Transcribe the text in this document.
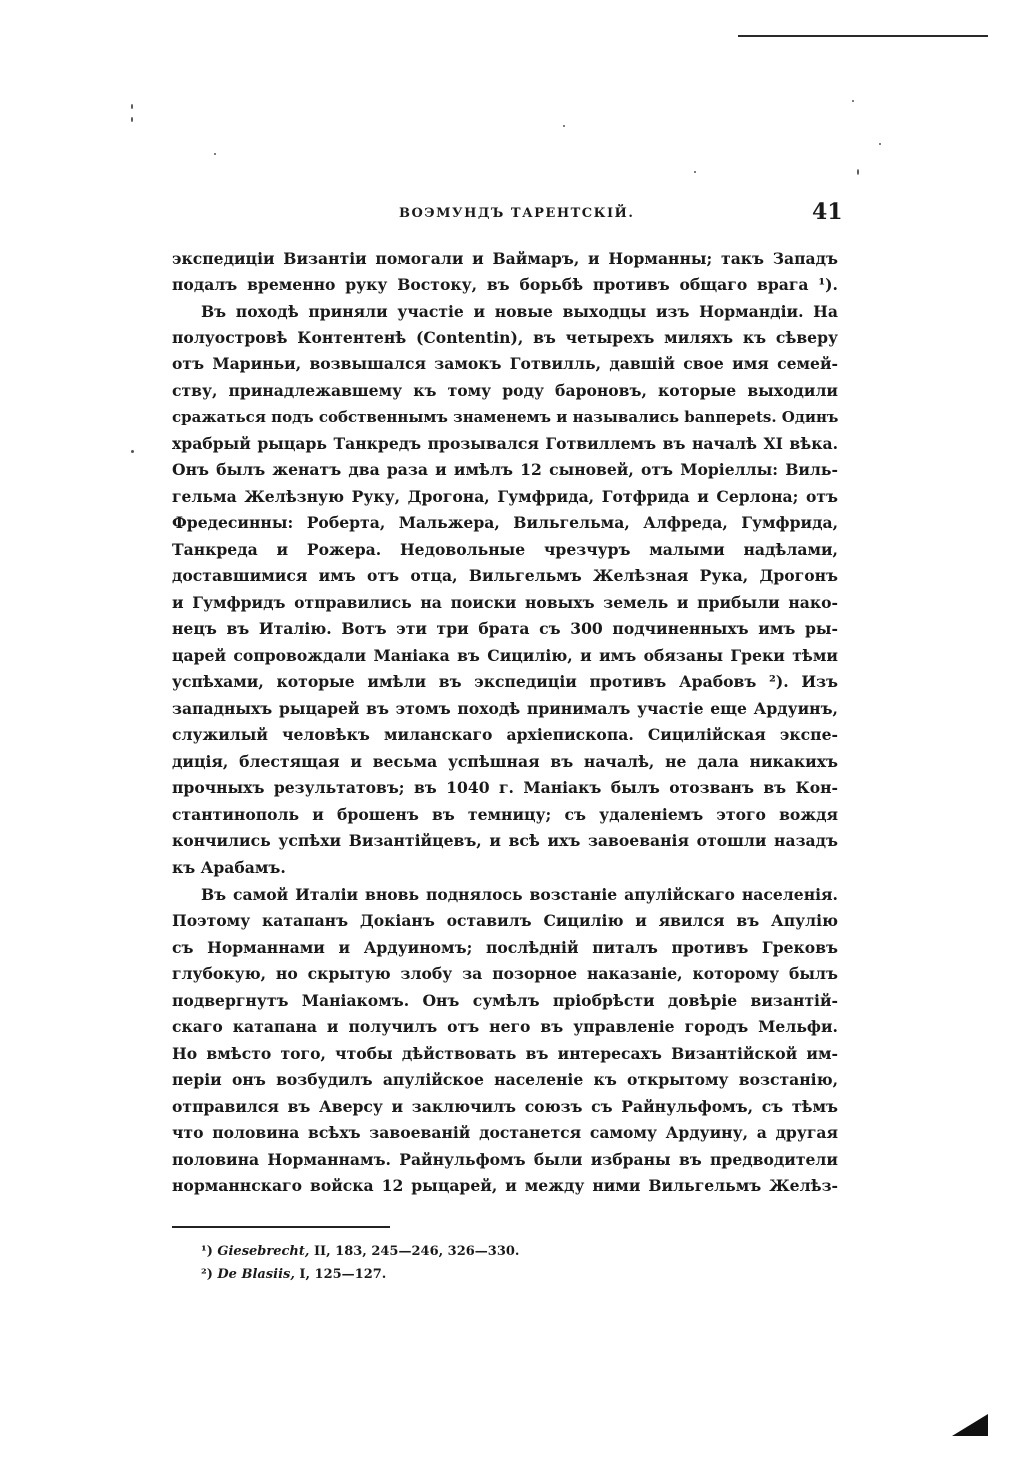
ВОЭМУНДЪ ТАРЕНТСКІЙ.	41
экспедиціи Византіи помогали и Ваймаръ, и Норманны; такъ Западъ
подалъ временно руку Востоку, въ борьбѣ противъ общаго врага ¹).
Въ походѣ приняли участіе и новые выходцы изъ Нормандіи. На
полуостровѣ Контентенѣ (Contentin), въ четырехъ миляхъ къ сѣверу
отъ Мариньи, возвышался замокъ Готвилль, давшій свое имя семей-
ству, принадлежавшему къ тому роду бароновъ, которые выходили
сражаться подъ собственнымъ знаменемъ и назывались banперets. Одинъ
храбрый рыцарь Танкредъ прозывался Готвиллемъ въ началѣ XI вѣка.
Онъ былъ женатъ два раза и имѣлъ 12 сыновей, отъ Моріеллы: Виль-
гельма Желѣзную Руку, Дрогона, Гумфрида, Готфрида и Серлона; отъ
Фредесинны: Роберта, Мальжера, Вильгельма, Алфреда, Гумфрида,
Танкреда и Рожера. Недовольные чрезчуръ малыми надѣлами,
доставшимися имъ отъ отца, Вильгельмъ Желѣзная Рука, Дрогонъ
и Гумфридъ отправились на поиски новыхъ земель и прибыли нако-
нецъ въ Италію. Вотъ эти три брата съ 300 подчиненныхъ имъ ры-
царей сопровождали Маніака въ Сицилію, и имъ обязаны Греки тѣми
успѣхами, которые имѣли въ экспедиціи противъ Арабовъ ²). Изъ
западныхъ рыцарей въ этомъ походѣ принималъ участіе еще Ардуинъ,
служилый человѣкъ миланскаго архіепископа. Сицилійская экспе-
диція, блестящая и весьма успѣшная въ началѣ, не дала никакихъ
прочныхъ результатовъ; въ 1040 г. Маніакъ былъ отозванъ въ Кон-
стантинополь и брошенъ въ темницу; съ удаленіемъ этого вождя
кончились успѣхи Византійцевъ, и всѣ ихъ завоеванія отошли назадъ
къ Арабамъ.
Въ самой Италіи вновь поднялось возстаніе апулійскаго населенія.
Поэтому катапанъ Докіанъ оставилъ Сицилію и явился въ Апулію
съ Норманнами и Ардуиномъ; послѣдній питалъ противъ Грековъ
глубокую, но скрытую злобу за позорное наказаніе, которому былъ
подвергнутъ Маніакомъ. Онъ сумѣлъ пріобрѣсти довѣріе византій-
скаго катапана и получилъ отъ него въ управленіе городъ Мельфи.
Но вмѣсто того, чтобы дѣйствовать въ интересахъ Византійской им-
періи онъ возбудилъ апулійское населеніе къ открытому возстанію,
отправился въ Аверсу и заключилъ союзъ съ Райнульфомъ, съ тѣмъ
что половина всѣхъ завоеваній достанется самому Ардуину, а другая
половина Норманнамъ. Райнульфомъ были избраны въ предводители
норманнскаго войска 12 рыцарей, и между ними Вильгельмъ Желѣз-
¹) Giesebrecht, II, 183, 245—246, 326—330.
²) De Blasiis, I, 125—127.
